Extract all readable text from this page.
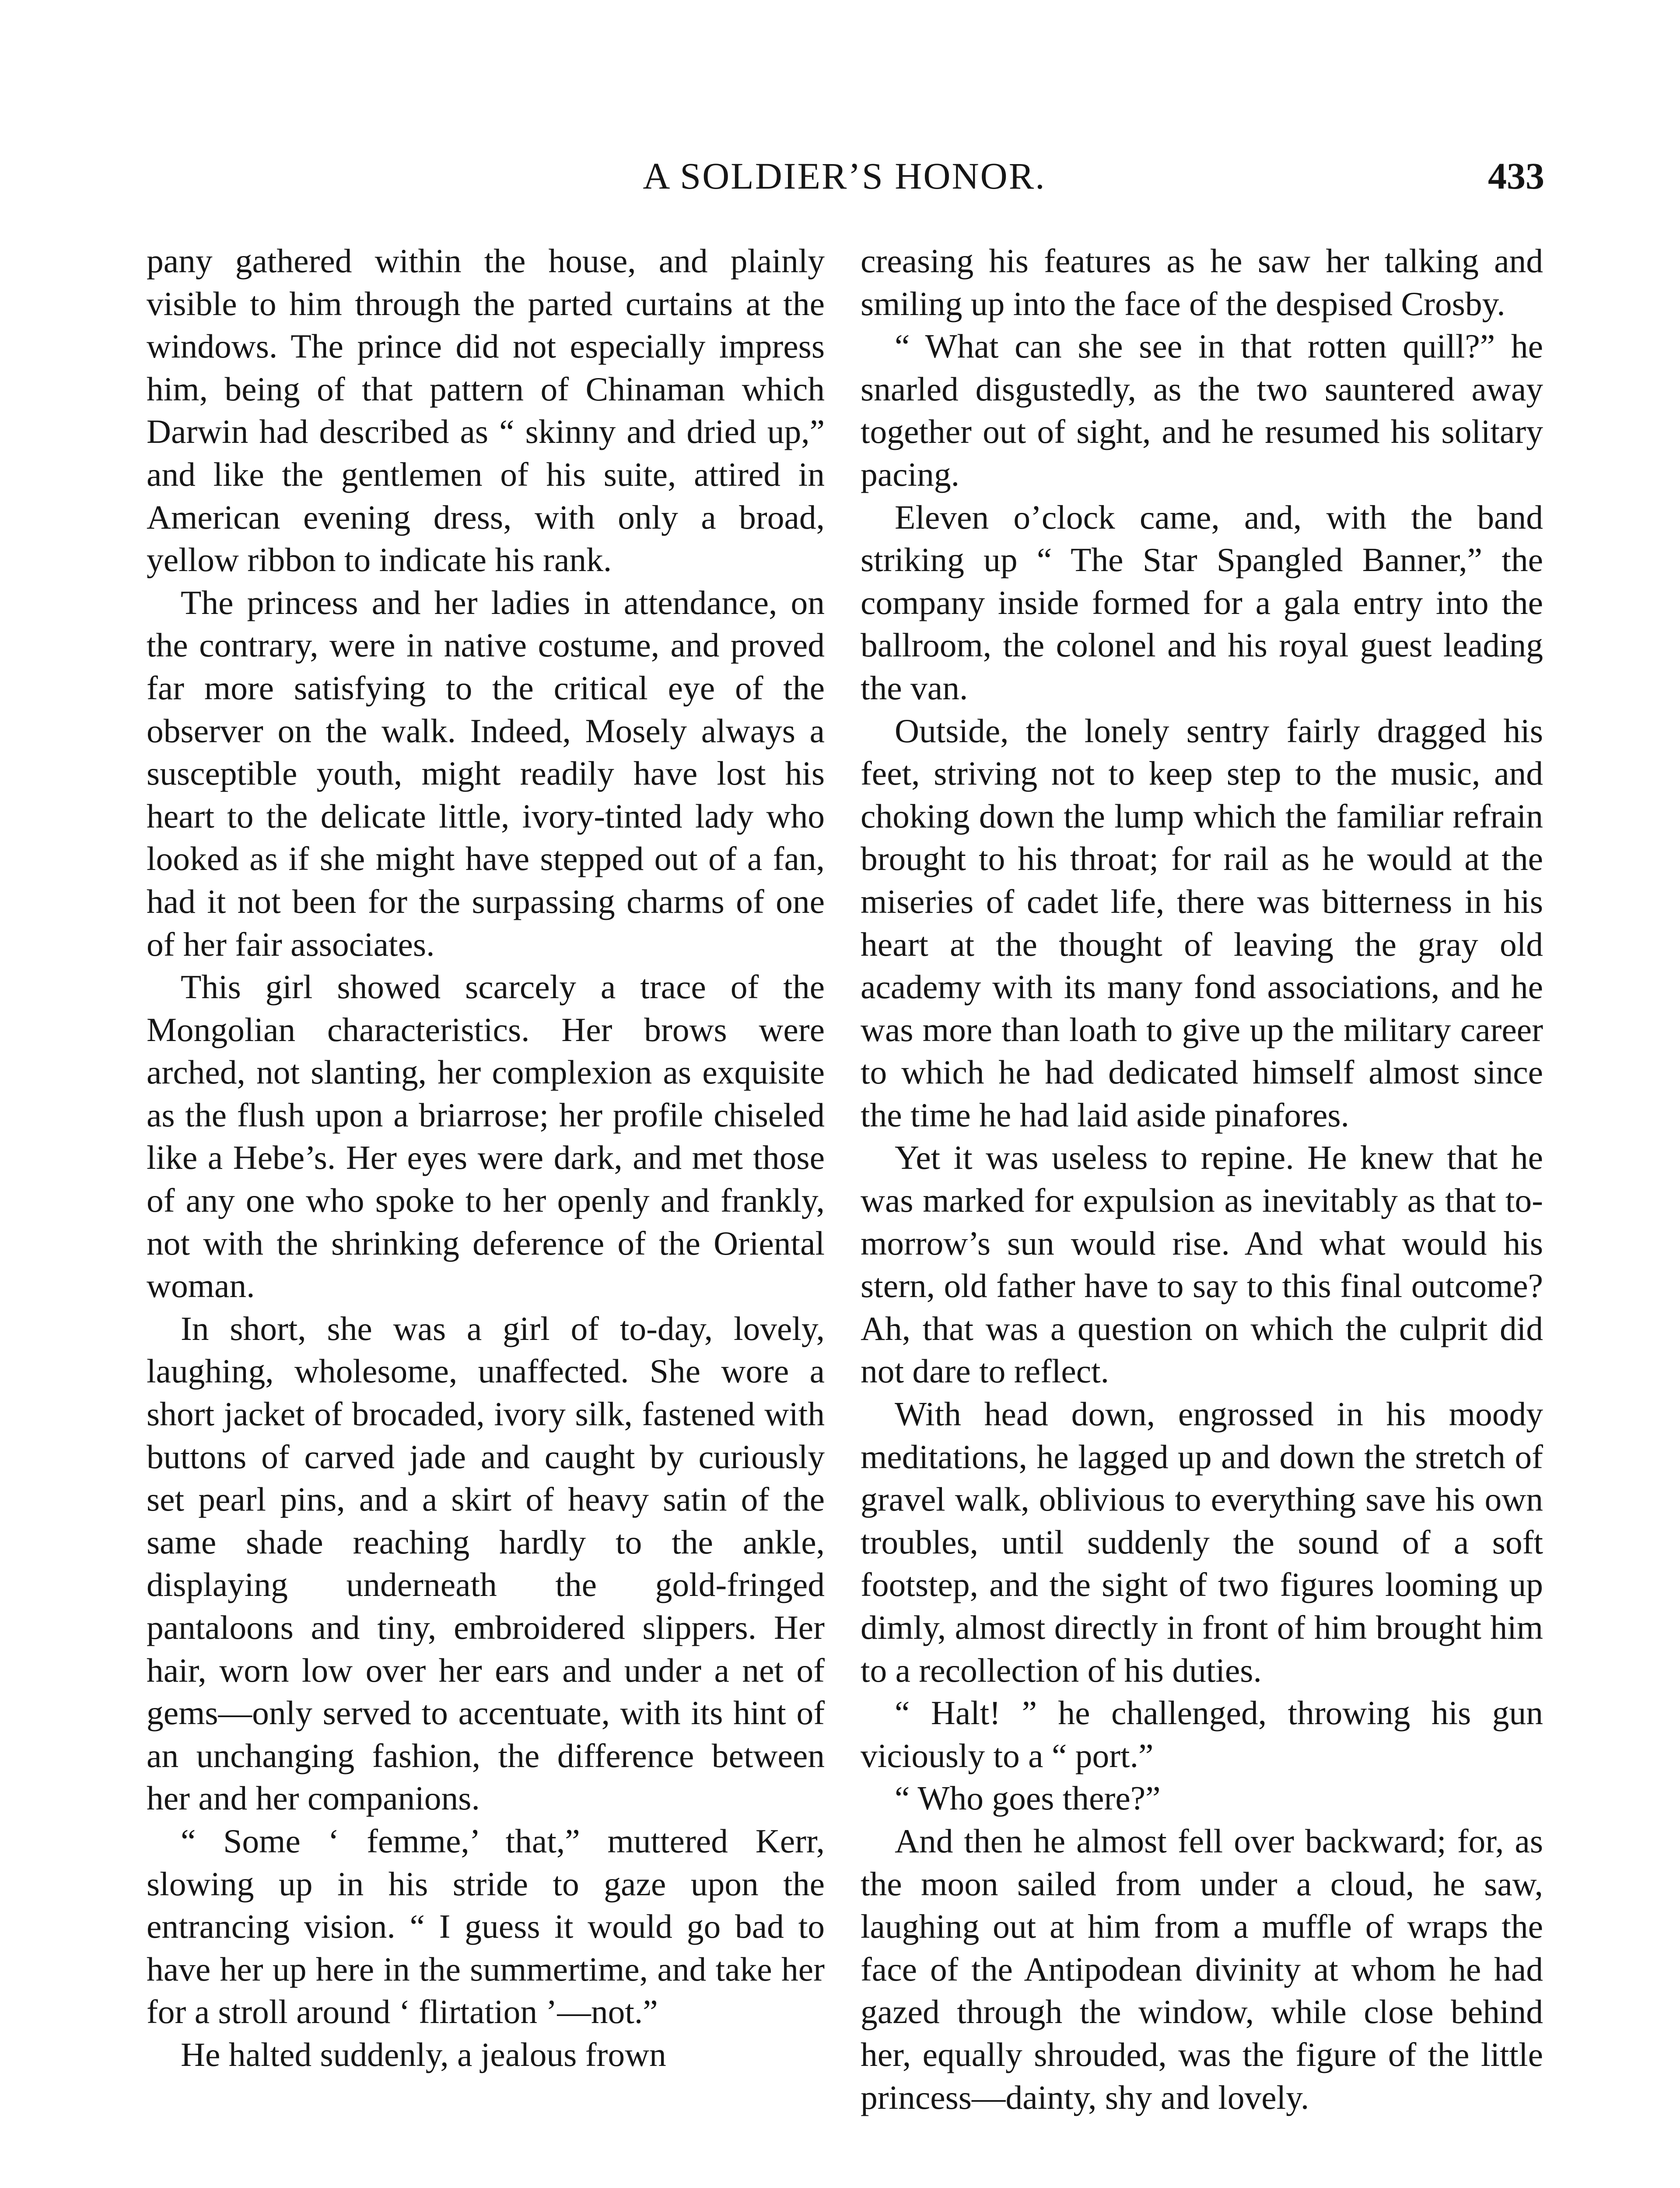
A SOLDIER’S HONOR.	433

pany gathered within the house, and plainly visible to him through the parted curtains at the windows. The prince did not especially impress him, being of that pattern of Chinaman which Darwin had described as “ skinny and dried up,” and like the gentlemen of his suite, attired in American evening dress, with only a broad, yellow ribbon to indicate his rank.

The princess and her ladies in attendance, on the contrary, were in native costume, and proved far more satisfying to the critical eye of the observer on the walk. Indeed, Mosely always a susceptible youth, might readily have lost his heart to the delicate little, ivory-tinted lady who looked as if she might have stepped out of a fan, had it not been for the surpassing charms of one of her fair associates.

This girl showed scarcely a trace of the Mongolian characteristics. Her brows were arched, not slanting, her complexion as exquisite as the flush upon a briarrose; her profile chiseled like a Hebe’s. Her eyes were dark, and met those of any one who spoke to her openly and frankly, not with the shrinking deference of the Oriental woman.

In short, she was a girl of to-day, lovely, laughing, wholesome, unaffected. She wore a short jacket of brocaded, ivory silk, fastened with buttons of carved jade and caught by curiously set pearl pins, and a skirt of heavy satin of the same shade reaching hardly to the ankle, displaying underneath the gold-fringed pantaloons and tiny, embroidered slippers. Her hair, worn low over her ears and under a net of gems—only served to accentuate, with its hint of an unchanging fashion, the difference between her and her companions.

“ Some ‘ femme,’ that,” muttered Kerr, slowing up in his stride to gaze upon the entrancing vision. “ I guess it would go bad to have her up here in the summertime, and take her for a stroll around ‘ flirtation ’—not.”

He halted suddenly, a jealous frown

creasing his features as he saw her talking and smiling up into the face of the despised Crosby.

“ What can she see in that rotten quill?” he snarled disgustedly, as the two sauntered away together out of sight, and he resumed his solitary pacing.

Eleven o’clock came, and, with the band striking up “ The Star Spangled Banner,” the company inside formed for a gala entry into the ballroom, the colonel and his royal guest leading the van.

Outside, the lonely sentry fairly dragged his feet, striving not to keep step to the music, and choking down the lump which the familiar refrain brought to his throat; for rail as he would at the miseries of cadet life, there was bitterness in his heart at the thought of leaving the gray old academy with its many fond associations, and he was more than loath to give up the military career to which he had dedicated himself almost since the time he had laid aside pinafores.

Yet it was useless to repine. He knew that he was marked for expulsion as inevitably as that to-morrow’s sun would rise. And what would his stern, old father have to say to this final outcome? Ah, that was a question on which the culprit did not dare to reflect.

With head down, engrossed in his moody meditations, he lagged up and down the stretch of gravel walk, oblivious to everything save his own troubles, until suddenly the sound of a soft footstep, and the sight of two figures looming up dimly, almost directly in front of him brought him to a recollection of his duties.

“ Halt! ” he challenged, throwing his gun viciously to a “ port.”

“ Who goes there?”

And then he almost fell over backward; for, as the moon sailed from under a cloud, he saw, laughing out at him from a muffle of wraps the face of the Antipodean divinity at whom he had gazed through the window, while close behind her, equally shrouded, was the figure of the little princess—dainty, shy and lovely.
